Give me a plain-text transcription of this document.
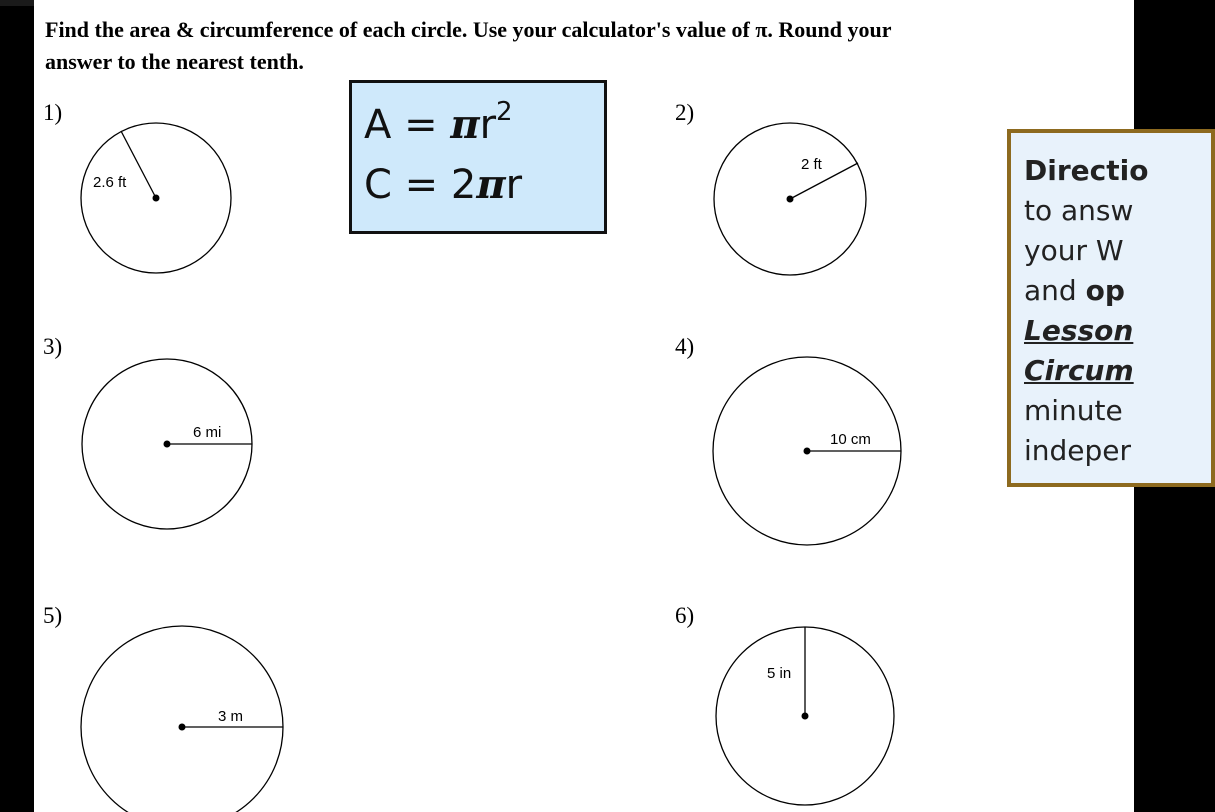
Find the area & circumference of each circle. Use your calculator's value of π. Round your
answer to the nearest tenth.
1)	2)
3)	4)
5)	6)
$A = \pi r^2$
C = 2πr
2.6 ft
2 ft
6 mi	10 cm
3 m
5 in
Directio
to answ
your W
and op
Lesson
Circum
minute
indeper
